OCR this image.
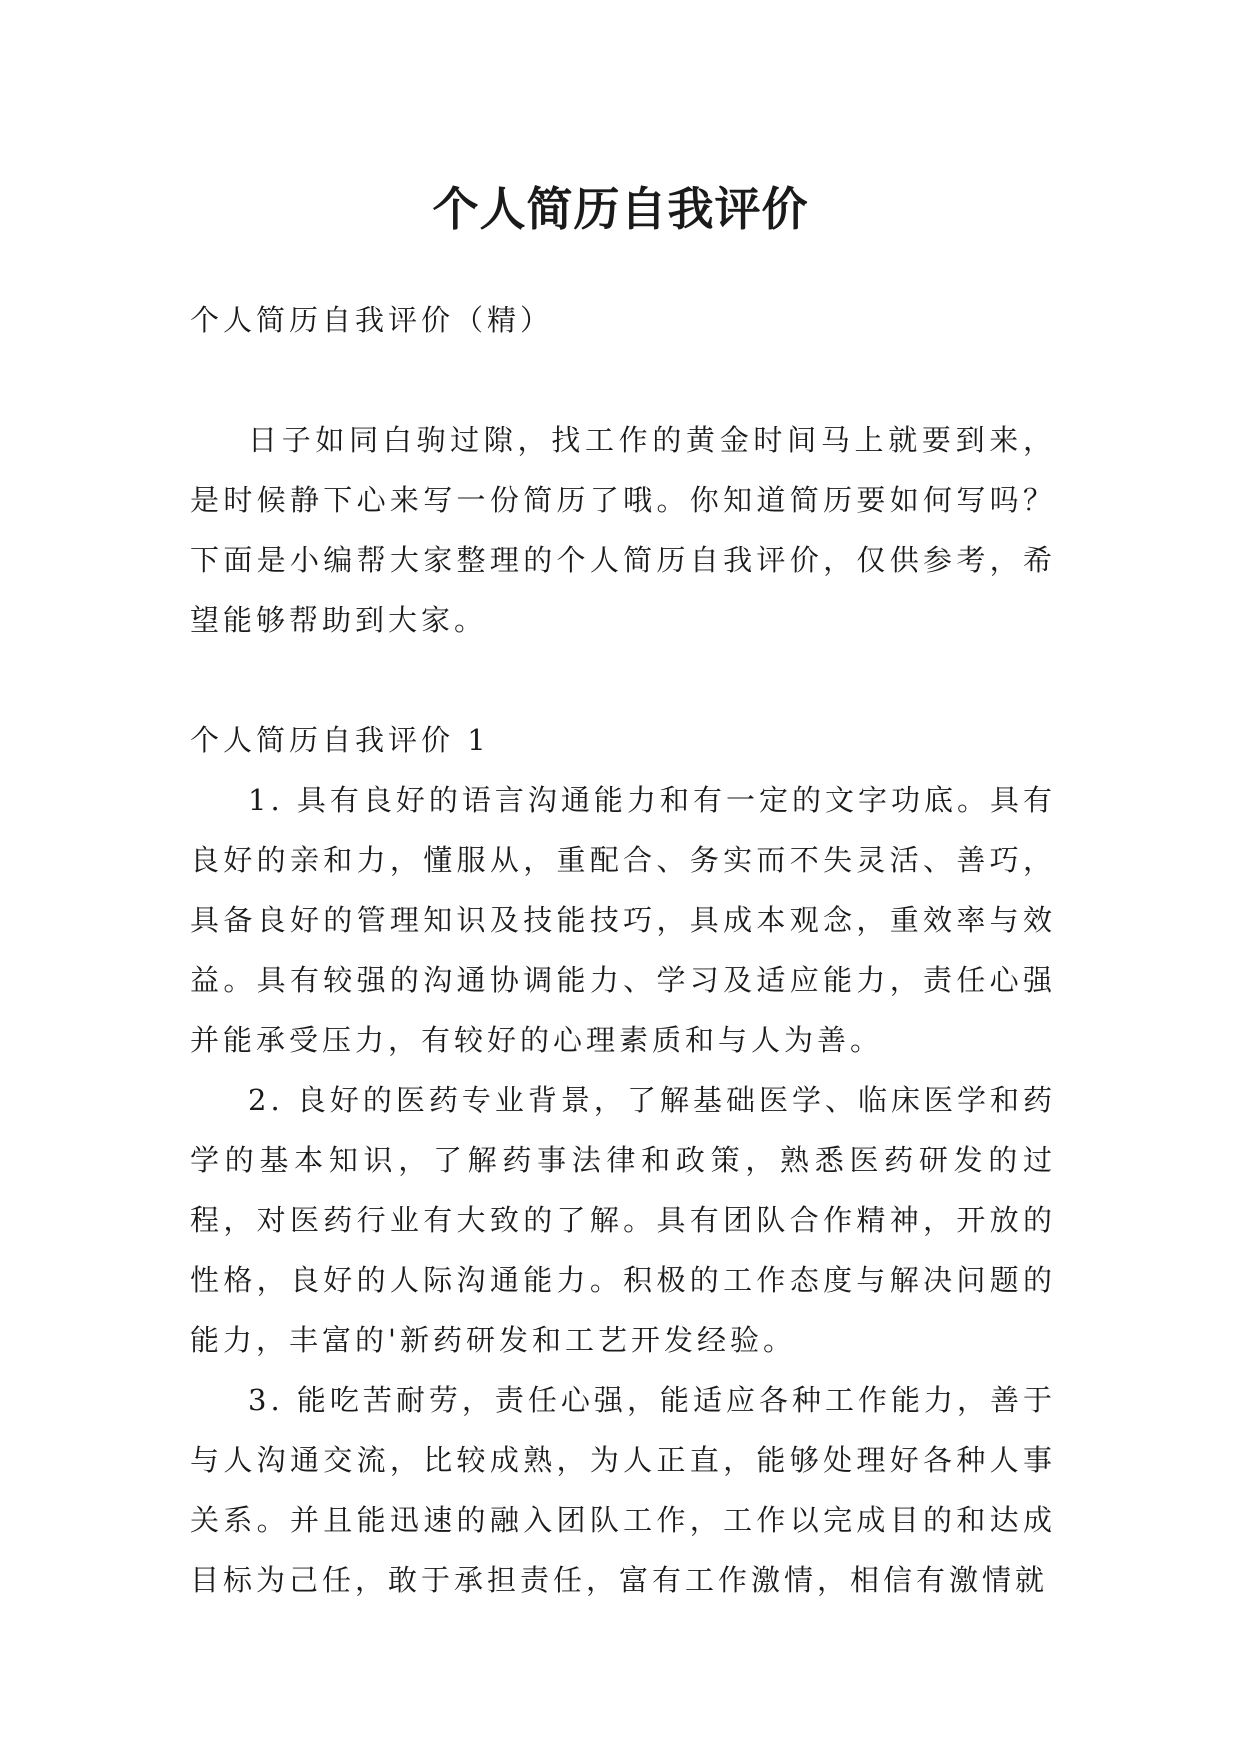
个人简历自我评价

个人简历自我评价（精）

日子如同白驹过隙，找工作的黄金时间马上就要到来，是时候静下心来写一份简历了哦。你知道简历要如何写吗？下面是小编帮大家整理的个人简历自我评价，仅供参考，希望能够帮助到大家。

个人简历自我评价 1

1. 具有良好的语言沟通能力和有一定的文字功底。具有良好的亲和力，懂服从，重配合、务实而不失灵活、善巧，具备良好的管理知识及技能技巧，具成本观念，重效率与效益。具有较强的沟通协调能力、学习及适应能力，责任心强并能承受压力，有较好的心理素质和与人为善。

2. 良好的医药专业背景，了解基础医学、临床医学和药学的基本知识，了解药事法律和政策，熟悉医药研发的过程，对医药行业有大致的了解。具有团队合作精神，开放的性格，良好的人际沟通能力。积极的工作态度与解决问题的能力，丰富的'新药研发和工艺开发经验。

3. 能吃苦耐劳，责任心强，能适应各种工作能力，善于与人沟通交流，比较成熟，为人正直，能够处理好各种人事关系。并且能迅速的融入团队工作，工作以完成目的和达成目标为己任，敢于承担责任，富有工作激情，相信有激情就
